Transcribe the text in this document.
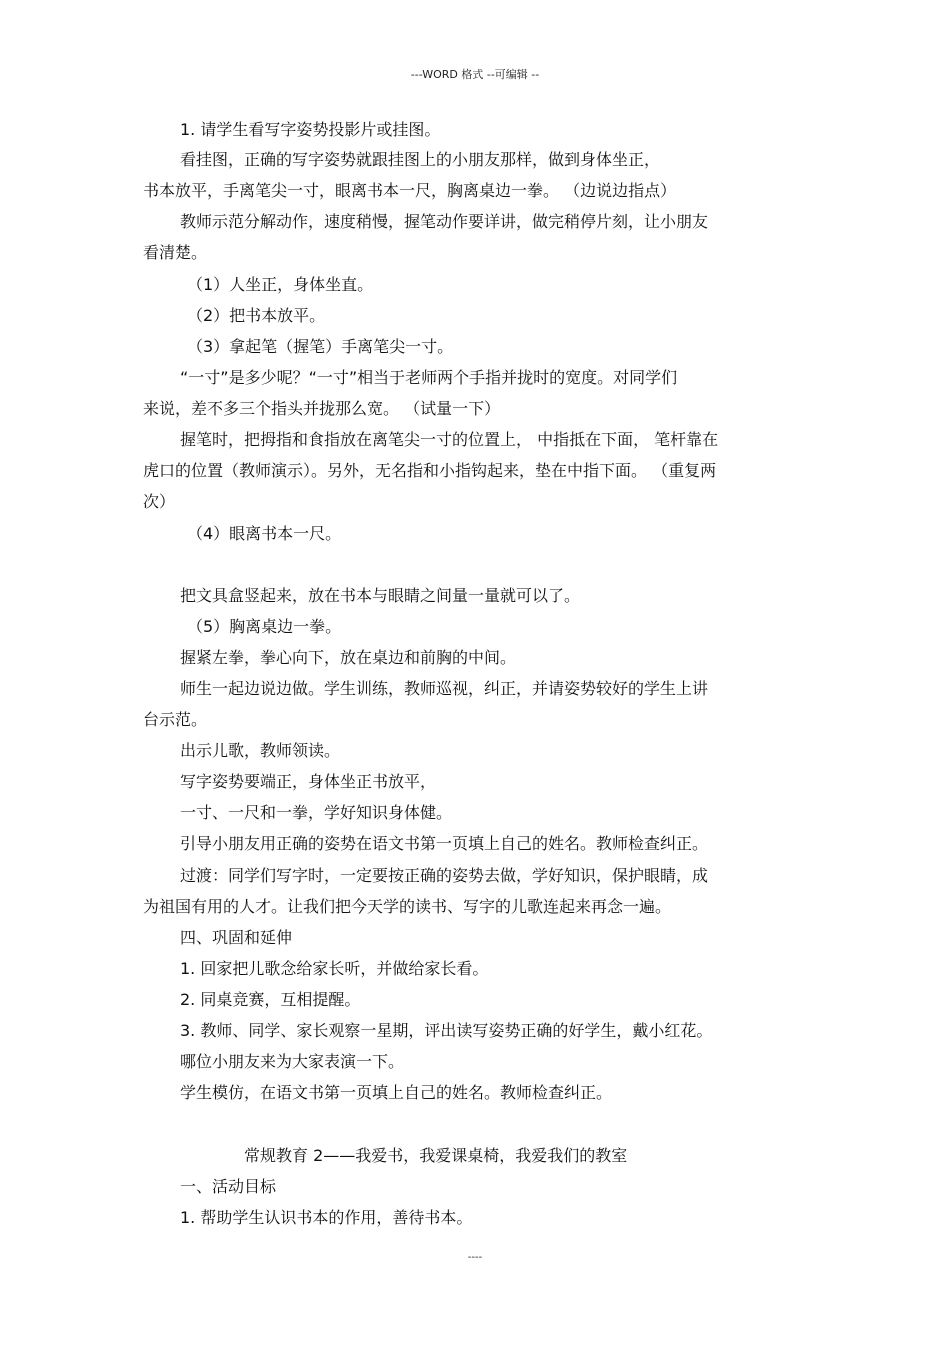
---WORD 格式 --可编辑 --
1. 请学生看写字姿势投影片或挂图。
看挂图，正确的写字姿势就跟挂图上的小朋友那样，做到身体坐正，
书本放平，手离笔尖一寸，眼离书本一尺，胸离桌边一拳。 （边说边指点）
教师示范分解动作，速度稍慢，握笔动作要详讲，做完稍停片刻，让小朋友
看清楚。
（1）人坐正，身体坐直。
（2）把书本放平。
（3）拿起笔（握笔）手离笔尖一寸。
“一寸”是多少呢？“一寸”相当于老师两个手指并拢时的宽度。对同学们
来说，差不多三个指头并拢那么宽。 （试量一下）
握笔时，把拇指和食指放在离笔尖一寸的位置上， 中指抵在下面， 笔杆靠在
虎口的位置（教师演示）。另外，无名指和小指钩起来，垫在中指下面。 （重复两
次）
（4）眼离书本一尺。
把文具盒竖起来，放在书本与眼睛之间量一量就可以了。
（5）胸离桌边一拳。
握紧左拳，拳心向下，放在桌边和前胸的中间。
师生一起边说边做。学生训练，教师巡视，纠正，并请姿势较好的学生上讲
台示范。
出示儿歌，教师领读。
写字姿势要端正，身体坐正书放平，
一寸、一尺和一拳，学好知识身体健。
引导小朋友用正确的姿势在语文书第一页填上自己的姓名。教师检查纠正。
过渡：同学们写字时，一定要按正确的姿势去做，学好知识，保护眼睛，成
为祖国有用的人才。让我们把今天学的读书、写字的儿歌连起来再念一遍。
四、巩固和延伸
1. 回家把儿歌念给家长听，并做给家长看。
2. 同桌竞赛，互相提醒。
3. 教师、同学、家长观察一星期，评出读写姿势正确的好学生，戴小红花。
哪位小朋友来为大家表演一下。
学生模仿，在语文书第一页填上自己的姓名。教师检查纠正。
常规教育 2——我爱书，我爱课桌椅，我爱我们的教室
一、活动目标
1. 帮助学生认识书本的作用，善待书本。
----
